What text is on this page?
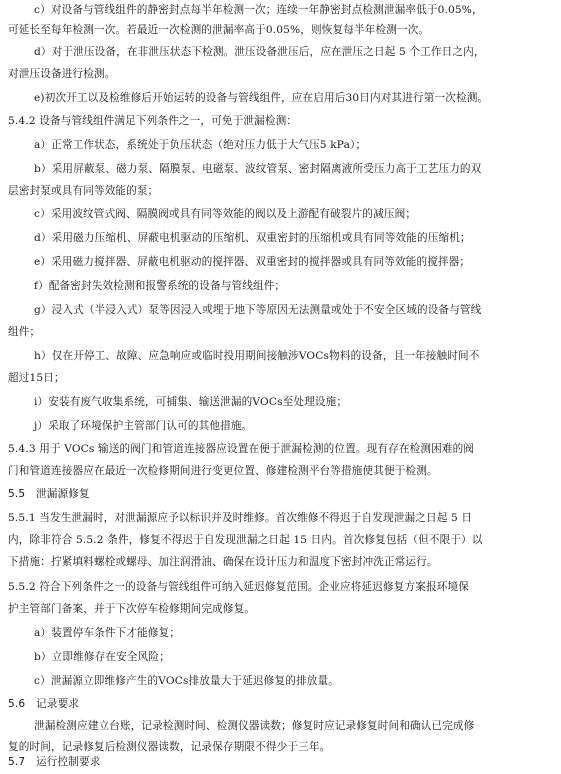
c）对设备与管线组件的静密封点每半年检测一次；连续一年静密封点检测泄漏率低于0.05%，
可延长至每年检测一次。若最近一次检测的泄漏率高于0.05%，则恢复每半年检测一次。
d）对于泄压设备，在非泄压状态下检测。泄压设备泄压后，应在泄压之日起 5 个工作日之内，
对泄压设备进行检测。
e)初次开工以及检维修后开始运转的设备与管线组件，应在启用后30日内对其进行第一次检测。
5.4.2 设备与管线组件满足下列条件之一，可免于泄漏检测：
a）正常工作状态，系统处于负压状态（绝对压力低于大气压5 kPa）；
b）采用屏蔽泵、磁力泵、隔膜泵、电磁泵、波纹管泵、密封隔离液所受压力高于工艺压力的双
层密封泵或具有同等效能的泵；
c）采用波纹管式阀、隔膜阀或具有同等效能的阀以及上游配有破裂片的减压阀；
d）采用磁力压缩机、屏蔽电机驱动的压缩机、双重密封的压缩机或具有同等效能的压缩机；
e）采用磁力搅拌器、屏蔽电机驱动的搅拌器、双重密封的搅拌器或具有同等效能的搅拌器；
f）配备密封失效检测和报警系统的设备与管线组件；
g）浸入式（半浸入式）泵等因浸入或埋于地下等原因无法测量或处于不安全区域的设备与管线
组件；
h）仅在开停工、故障、应急响应或临时投用期间接触涉VOCs物料的设备，且一年接触时间不
超过15日；
i）安装有废气收集系统，可捕集、输送泄漏的VOCs至处理设施；
j）采取了环境保护主管部门认可的其他措施。
5.4.3 用于 VOCs 输送的阀门和管道连接器应设置在便于泄漏检测的位置。现有存在检测困难的阀
门和管道连接器应在最近一次检修期间进行变更位置、修建检测平台等措施使其便于检测。
5.5　泄漏源修复
5.5.1 当发生泄漏时，对泄漏源应予以标识并及时维修。首次维修不得迟于自发现泄漏之日起 5 日
内，除非符合 5.5.2 条件，修复不得迟于自发现泄漏之日起 15 日内。首次修复包括（但不限于）以
下措施：拧紧填料螺栓或螺母、加注润滑油、确保在设计压力和温度下密封冲洗正常运行。
5.5.2 符合下列条件之一的设备与管线组件可纳入延迟修复范围。企业应将延迟修复方案报环境保
护主管部门备案，并于下次停车检修期间完成修复。
a）装置停车条件下才能修复；
b）立即维修存在安全风险；
c）泄漏源立即维修产生的VOCs排放量大于延迟修复的排放量。
5.6　记录要求
泄漏检测应建立台账，记录检测时间、检测仪器读数；修复时应记录修复时间和确认已完成修
复的时间，记录修复后检测仪器读数，记录保存期限不得少于三年。
5.7　运行控制要求
